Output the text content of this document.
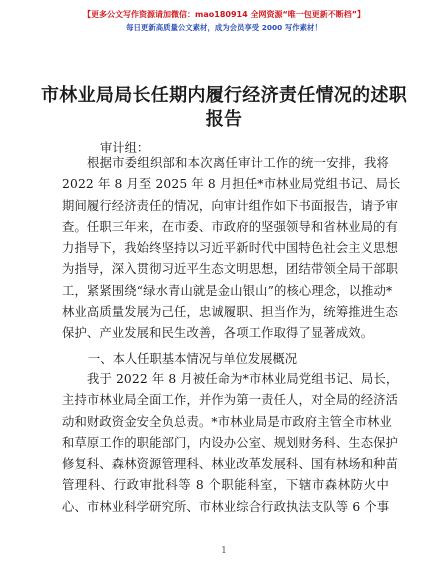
【更多公文写作资源请加微信：mao180914 全网资源“唯一包更新不断档”】
每日更新高质量公文素材，成为会员享受 2000 写作素材！
市林业局局长任期内履行经济责任情况的述职
报告
审计组：
根据市委组织部和本次离任审计工作的统一安排，我将
2022 年 8 月至 2025 年 8 月担任*市林业局党组书记、局长
期间履行经济责任的情况，向审计组作如下书面报告，请予审
查。任职三年来，在市委、市政府的坚强领导和省林业局的有
力指导下，我始终坚持以习近平新时代中国特色社会主义思想
为指导，深入贯彻习近平生态文明思想，团结带领全局干部职
工，紧紧围绕“绿水青山就是金山银山”的核心理念，以推动*
林业高质量发展为己任，忠诚履职、担当作为，统筹推进生态
保护、产业发展和民生改善，各项工作取得了显著成效。
一、本人任职基本情况与单位发展概况
我于 2022 年 8 月被任命为*市林业局党组书记、局长，
主持市林业局全面工作，并作为第一责任人，对全局的经济活
动和财政资金安全负总责。*市林业局是市政府主管全市林业
和草原工作的职能部门，内设办公室、规划财务科、生态保护
修复科、森林资源管理科、林业改革发展科、国有林场和种苗
管理科、行政审批科等 8 个职能科室，下辖市森林防火中
心、市林业科学研究所、市林业综合行政执法支队等 6 个事
1
